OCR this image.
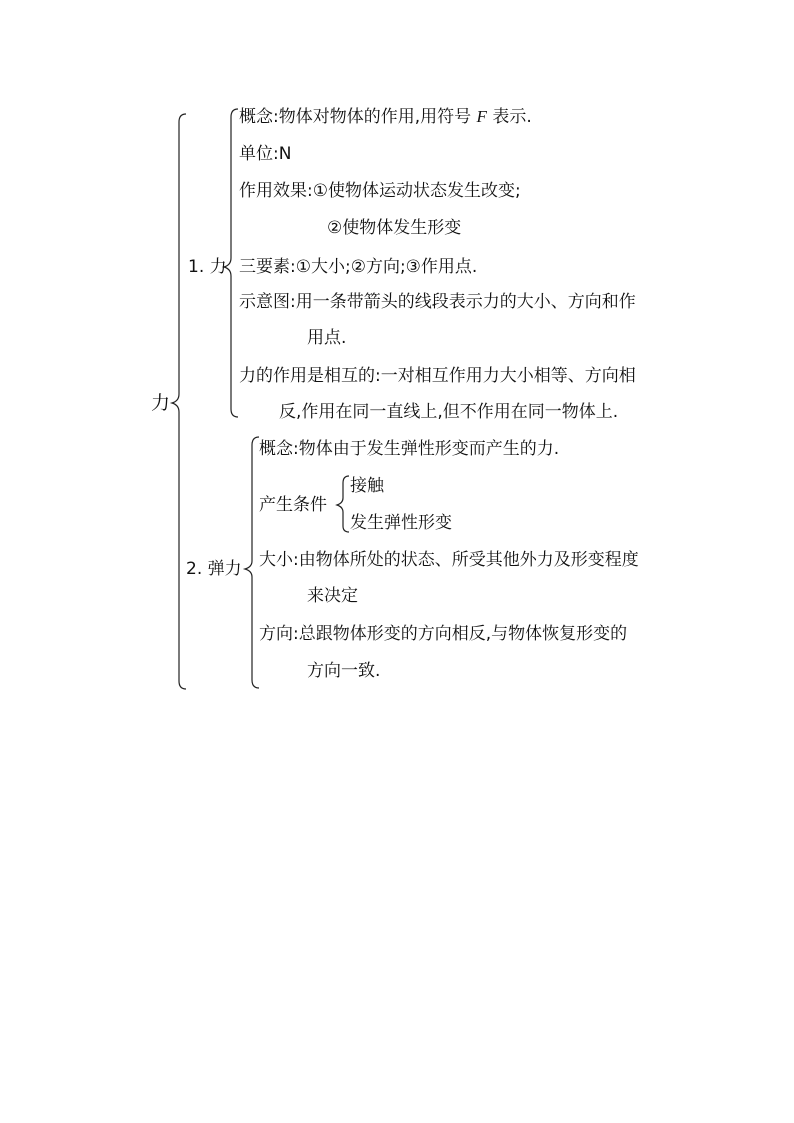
力
1. 力
概念:物体对物体的作用,用符号 F 表示.
单位:N
作用效果:①使物体运动状态发生改变;
②使物体发生形变
三要素:①大小;②方向;③作用点.
示意图:用一条带箭头的线段表示力的大小、方向和作
用点.
力的作用是相互的:一对相互作用力大小相等、方向相
反,作用在同一直线上,但不作用在同一物体上.
2. 弹力
概念:物体由于发生弹性形变而产生的力.
产生条件
接触
发生弹性形变
大小:由物体所处的状态、所受其他外力及形变程度
来决定
方向:总跟物体形变的方向相反,与物体恢复形变的
方向一致.
